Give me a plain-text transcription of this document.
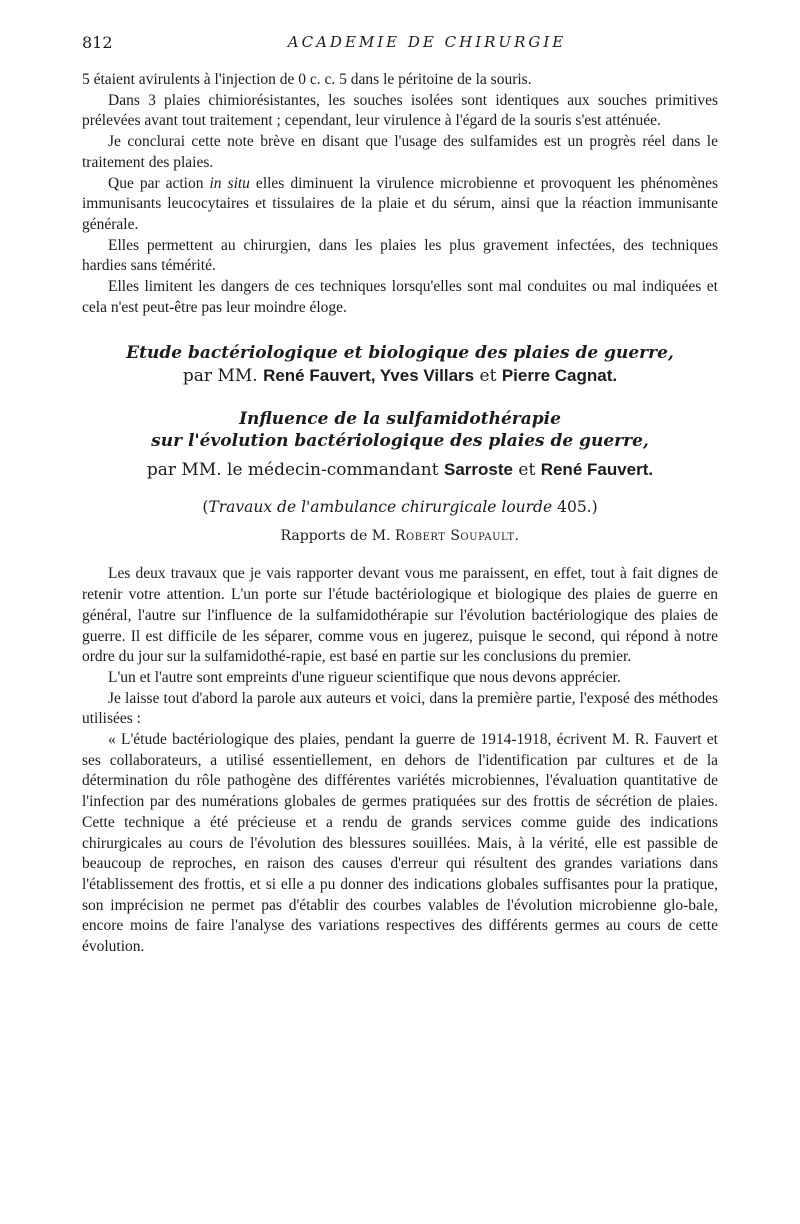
812	ACADEMIE DE CHIRURGIE

5 étaient avirulents à l'injection de 0 c. c. 5 dans le péritoine de la souris.

Dans 3 plaies chimiorésistantes, les souches isolées sont identiques aux souches primitives prélevées avant tout traitement ; cependant, leur virulence à l'égard de la souris s'est atténuée.

Je conclurai cette note brève en disant que l'usage des sulfamides est un progrès réel dans le traitement des plaies.

Que par action in situ elles diminuent la virulence microbienne et provoquent les phénomènes immunisants leucocytaires et tissulaires de la plaie et du sérum, ainsi que la réaction immunisante générale.

Elles permettent au chirurgien, dans les plaies les plus gravement infectées, des techniques hardies sans témérité.

Elles limitent les dangers de ces techniques lorsqu'elles sont mal conduites ou mal indiquées et cela n'est peut-être pas leur moindre éloge.

Etude bactériologique et biologique des plaies de guerre,
par MM. René Fauvert, Yves Villars et Pierre Cagnat.
Influence de la sulfamidothérapie
sur l'évolution bactériologique des plaies de guerre,
par MM. le médecin-commandant Sarroste et René Fauvert.
(Travaux de l'ambulance chirurgicale lourde 405.)
Rapports de M. Robert Soupault.

Les deux travaux que je vais rapporter devant vous me paraissent, en effet, tout à fait dignes de retenir votre attention. L'un porte sur l'étude bactériologique et biologique des plaies de guerre en général, l'autre sur l'influence de la sulfamidothérapie sur l'évolution bactériologique des plaies de guerre. Il est difficile de les séparer, comme vous en jugerez, puisque le second, qui répond à notre ordre du jour sur la sulfamidothé-rapie, est basé en partie sur les conclusions du premier.

L'un et l'autre sont empreints d'une rigueur scientifique que nous devons apprécier.

Je laisse tout d'abord la parole aux auteurs et voici, dans la première partie, l'exposé des méthodes utilisées :

« L'étude bactériologique des plaies, pendant la guerre de 1914-1918, écrivent M. R. Fauvert et ses collaborateurs, a utilisé essentiellement, en dehors de l'identification par cultures et de la détermination du rôle pathogène des différentes variétés microbiennes, l'évaluation quantitative de l'infection par des numérations globales de germes pratiquées sur des frottis de sécrétion de plaies. Cette technique a été précieuse et a rendu de grands services comme guide des indications chirurgicales au cours de l'évolution des blessures souillées. Mais, à la vérité, elle est passible de beaucoup de reproches, en raison des causes d'erreur qui résultent des grandes variations dans l'établissement des frottis, et si elle a pu donner des indications globales suffisantes pour la pratique, son imprécision ne permet pas d'établir des courbes valables de l'évolution microbienne glo-bale, encore moins de faire l'analyse des variations respectives des différents germes au cours de cette évolution.
